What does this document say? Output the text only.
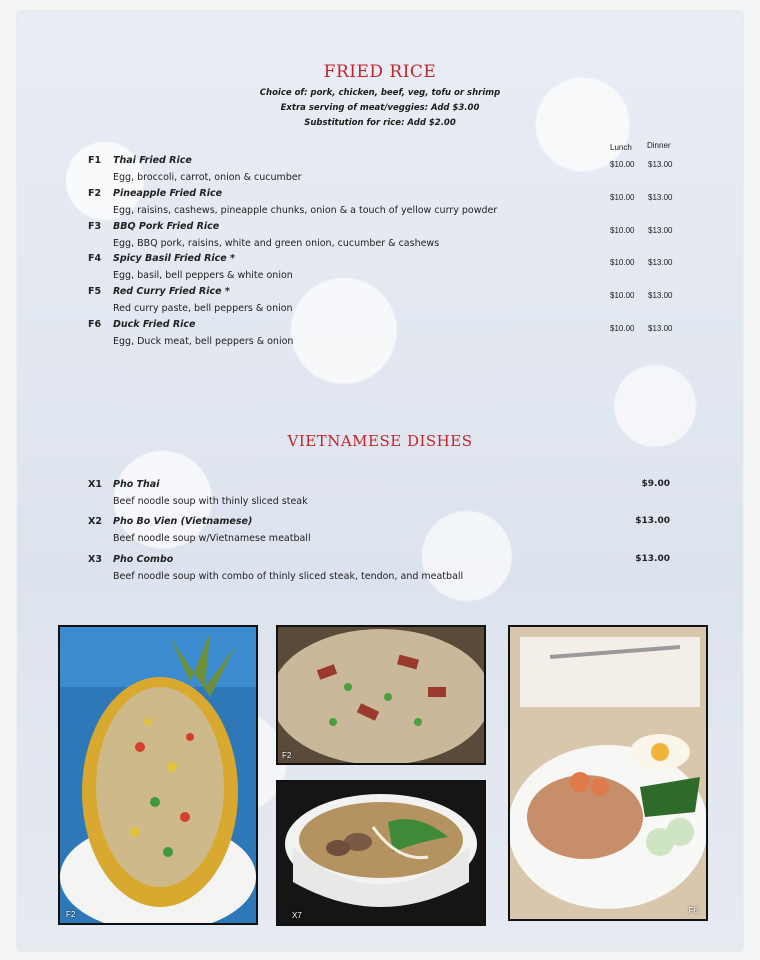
FRIED RICE
Choice of: pork, chicken, beef, veg, tofu or shrimp
Extra serving of meat/veggies: Add $3.00
Substitution for rice: Add $2.00
Lunch Dinner
F1 Thai Fried Rice
Egg, broccoli, carrot, onion & cucumber
$10.00 $13.00
F2 Pineapple Fried Rice
Egg, raisins, cashews, pineapple chunks, onion & a touch of yellow curry powder
$10.00 $13.00
F3 BBQ Pork Fried Rice
Egg, BBQ pork, raisins, white and green onion, cucumber & cashews
$10.00 $13.00
F4 Spicy Basil Fried Rice *
Egg, basil, bell peppers & white onion
$10.00 $13.00
F5 Red Curry Fried Rice *
Red curry paste, bell peppers & onion
$10.00 $13.00
F6 Duck Fried Rice
Egg, Duck meat, bell peppers & onion
$10.00 $13.00
VIETNAMESE DISHES
X1 Pho Thai
Beef noodle soup with thinly sliced steak
$9.00
X2 Pho Bo Vien (Vietnamese)
Beef noodle soup w/Vietnamese meatball
$13.00
X3 Pho Combo
Beef noodle soup with combo of thinly sliced steak, tendon, and meatball
$13.00
F2
F2
X7
F6
